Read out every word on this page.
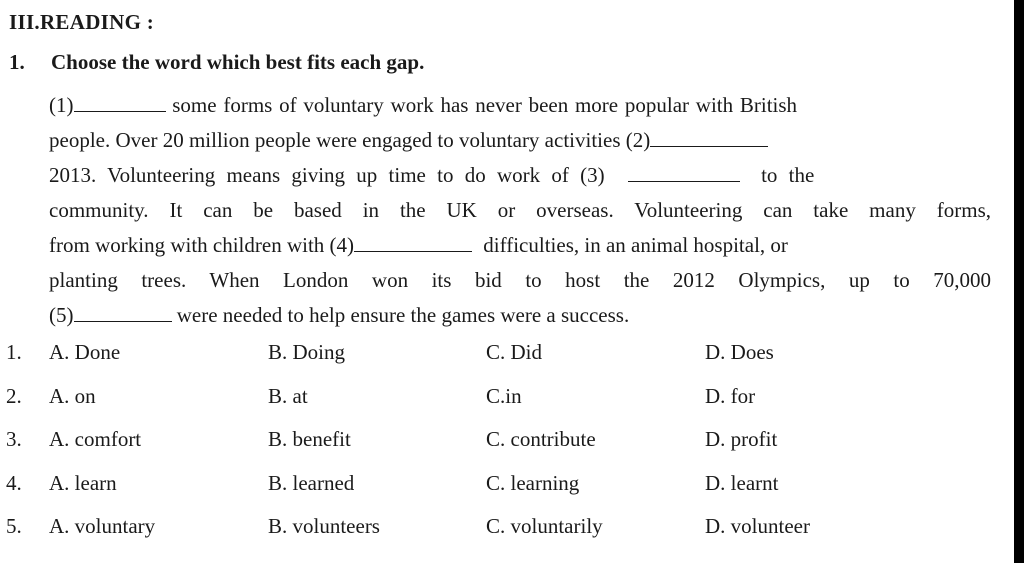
III.READING :
1. Choose the word which best fits each gap.
(1)	some forms of voluntary work has never been more popular with British
people. Over 20 million people were engaged to voluntary activities (2)
2013. Volunteering means giving up time to do work of (3)	to the
community. It can be based in the UK or overseas. Volunteering can take many forms,
from working with children with (4)	difficulties, in an animal hospital, or
planting trees. When London won its bid to host the 2012 Olympics, up to 70,000
(5)	were needed to help ensure the games were a success.
1. A. Done	B. Doing	C. Did	D. Does
2. A. on	B. at	C.in	D. for
3. A. comfort	B. benefit	C. contribute	D. profit
4. A. learn	B. learned	C. learning	D. learnt
5. A. voluntary	B. volunteers	C. voluntarily	D. volunteer
